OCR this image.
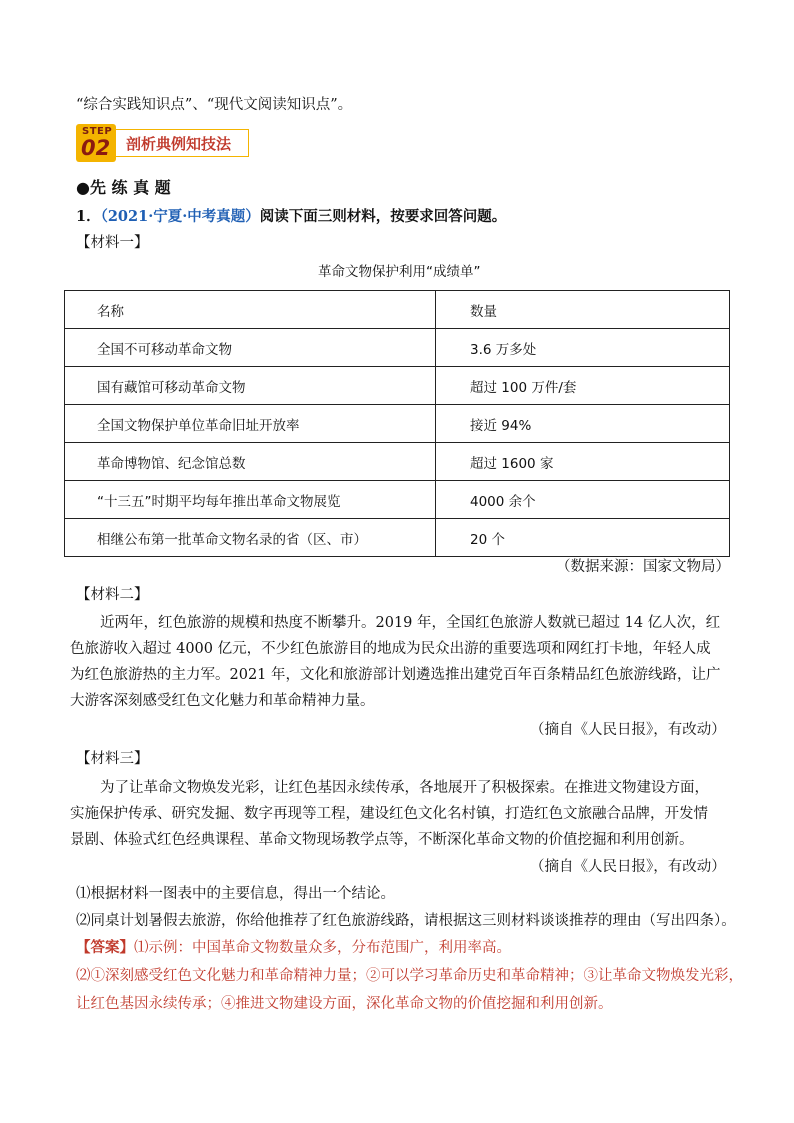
“综合实践知识点”、“现代文阅读知识点”。
STEP
02 剖析典例知技法
●先 练 真 题
1．（2021·宁夏·中考真题）阅读下面三则材料，按要求回答问题。
【材料一】
革命文物保护利用“成绩单”
名称	数量
全国不可移动革命文物	3.6 万多处
国有藏馆可移动革命文物	超过 100 万件/套
全国文物保护单位革命旧址开放率	接近 94%
革命博物馆、纪念馆总数	超过 1600 家
“十三五”时期平均每年推出革命文物展览	4000 余个
相继公布第一批革命文物名录的省（区、市）	20 个
（数据来源：国家文物局）
【材料二】
近两年，红色旅游的规模和热度不断攀升。2019 年，全国红色旅游人数就已超过 14 亿人次，红色旅游收入超过 4000 亿元，不少红色旅游目的地成为民众出游的重要选项和网红打卡地，年轻人成为红色旅游热的主力军。2021 年，文化和旅游部计划遴选推出建党百年百条精品红色旅游线路，让广大游客深刻感受红色文化魅力和革命精神力量。
（摘自《人民日报》，有改动）
【材料三】
为了让革命文物焕发光彩，让红色基因永续传承，各地展开了积极探索。在推进文物建设方面，实施保护传承、研究发掘、数字再现等工程，建设红色文化名村镇，打造红色文旅融合品牌，开发情景剧、体验式红色经典课程、革命文物现场教学点等，不断深化革命文物的价值挖掘和利用创新。
（摘自《人民日报》，有改动）
⑴根据材料一图表中的主要信息，得出一个结论。
⑵同桌计划暑假去旅游，你给他推荐了红色旅游线路，请根据这三则材料谈谈推荐的理由（写出四条）。
【答案】⑴示例：中国革命文物数量众多，分布范围广，利用率高。
⑵①深刻感受红色文化魅力和革命精神力量；②可以学习革命历史和革命精神；③让革命文物焕发光彩，
让红色基因永续传承；④推进文物建设方面，深化革命文物的价值挖掘和利用创新。
